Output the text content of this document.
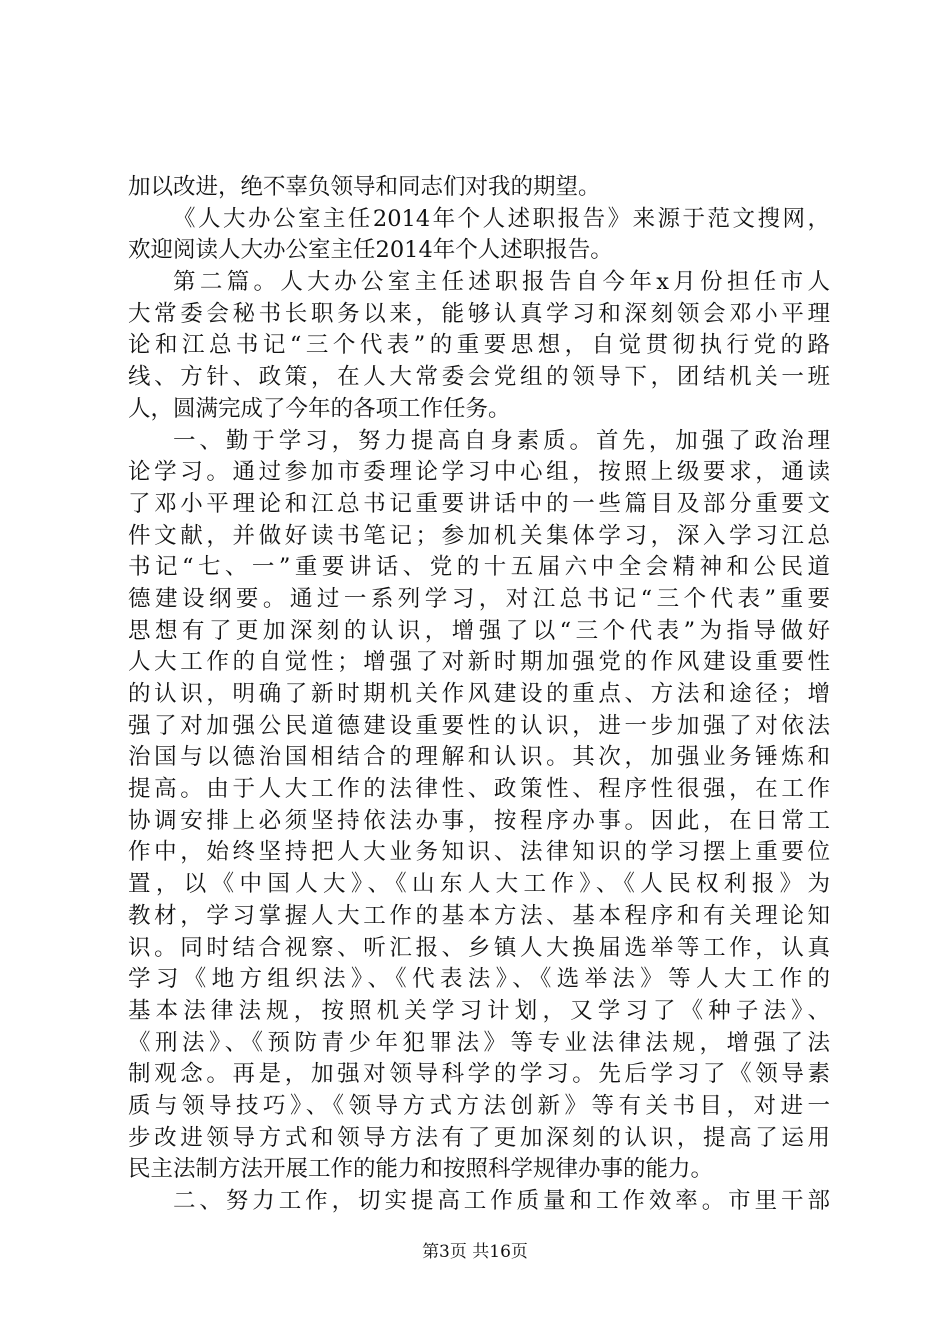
加以改进，绝不辜负领导和同志们对我的期望。
《人大办公室主任2014年个人述职报告》来源于范文搜网，
欢迎阅读人大办公室主任2014年个人述职报告。
第二篇。人大办公室主任述职报告自今年x月份担任市人
大常委会秘书长职务以来，能够认真学习和深刻领会邓小平理
论和江总书记“三个代表”的重要思想，自觉贯彻执行党的路
线、方针、政策，在人大常委会党组的领导下，团结机关一班
人，圆满完成了今年的各项工作任务。
一、勤于学习，努力提高自身素质。首先，加强了政治理
论学习。通过参加市委理论学习中心组，按照上级要求，通读
了邓小平理论和江总书记重要讲话中的一些篇目及部分重要文
件文献，并做好读书笔记；参加机关集体学习，深入学习江总
书记“七、一”重要讲话、党的十五届六中全会精神和公民道
德建设纲要。通过一系列学习，对江总书记“三个代表”重要
思想有了更加深刻的认识，增强了以“三个代表”为指导做好
人大工作的自觉性；增强了对新时期加强党的作风建设重要性
的认识，明确了新时期机关作风建设的重点、方法和途径；增
强了对加强公民道德建设重要性的认识，进一步加强了对依法
治国与以德治国相结合的理解和认识。其次，加强业务锤炼和
提高。由于人大工作的法律性、政策性、程序性很强，在工作
协调安排上必须坚持依法办事，按程序办事。因此，在日常工
作中，始终坚持把人大业务知识、法律知识的学习摆上重要位
置，以《中国人大》、《山东人大工作》、《人民权利报》为
教材，学习掌握人大工作的基本方法、基本程序和有关理论知
识。同时结合视察、听汇报、乡镇人大换届选举等工作，认真
学习《地方组织法》、《代表法》、《选举法》等人大工作的
基本法律法规，按照机关学习计划，又学习了《种子法》、
《刑法》、《预防青少年犯罪法》等专业法律法规，增强了法
制观念。再是，加强对领导科学的学习。先后学习了《领导素
质与领导技巧》、《领导方式方法创新》等有关书目，对进一
步改进领导方式和领导方法有了更加深刻的认识，提高了运用
民主法制方法开展工作的能力和按照科学规律办事的能力。
二、努力工作，切实提高工作质量和工作效率。市里干部
第3页 共16页
